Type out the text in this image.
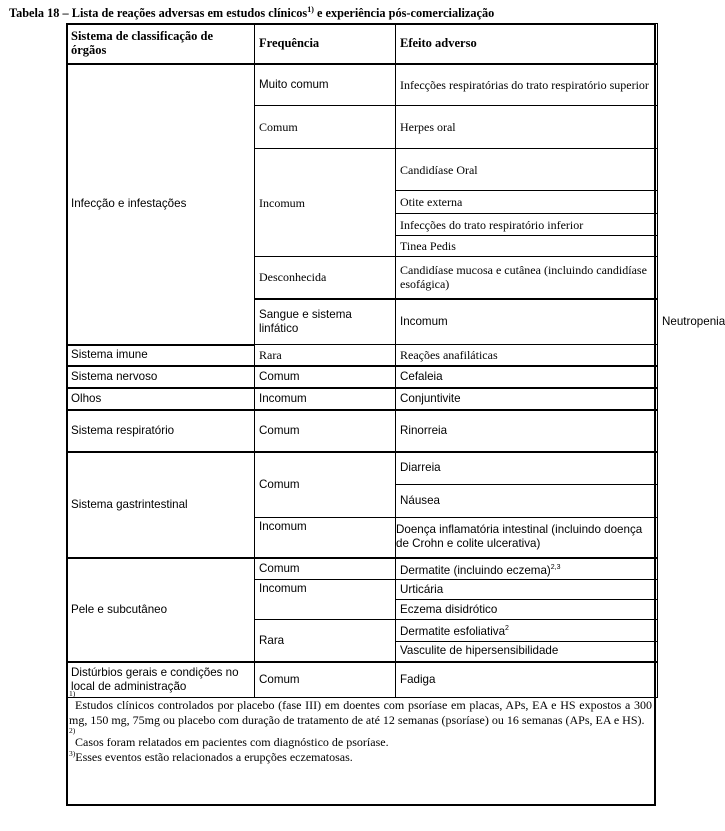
Tabela 18 – Lista de reações adversas em estudos clínicos$^{1)}$ e experiência pós-comercialização
Sistema de classificação de órgãos	Frequência	Efeito adverso	
Infecção e infestações	Muito comum	Infecções respiratórias do trato respiratório superior	
	Comum	Herpes oral	
	Incomum	Candidíase Oral	
		Otite externa	
		Infecções do trato respiratório inferior	
		Tinea Pedis	
	Desconhecida	Candidíase mucosa e cutânea (incluindo candidíase esofágica)	
	Sangue e sistema linfático	Incomum	Neutropenia
Sistema imune	Rara	Reações anafiláticas	
Sistema nervoso	Comum	Cefaleia	
Olhos	Incomum	Conjuntivite	
Sistema respiratório	Comum	Rinorreia	
Sistema gastrintestinal	Comum	Diarreia	
		Náusea	
	Incomum	Doença inflamatória intestinal (incluindo doença de Crohn e colite ulcerativa)	
Pele e subcutâneo	Comum	Dermatite (incluindo eczema)$^{2,3}$
	Incomum	Urticária	
		Eczema disidrótico	
	Rara	Dermatite esfoliativa$^2$
		Vasculite de hipersensibilidade	
Distúrbios gerais e condições no local de administração	Comum	Fadiga	
1)

Estudos clínicos controlados por placebo (fase III) em doentes com psoríase em placas, APs, EA e HS expostos a 300 mg, 150 mg, 75mg ou placebo com duração de tratamento de até 12 semanas (psoríase) ou 16 semanas (APs, EA e HS).

2)

Casos foram relatados em pacientes com diagnóstico de psoríase.

$^{3)}$Esses eventos estão relacionados a erupções eczematosas.
